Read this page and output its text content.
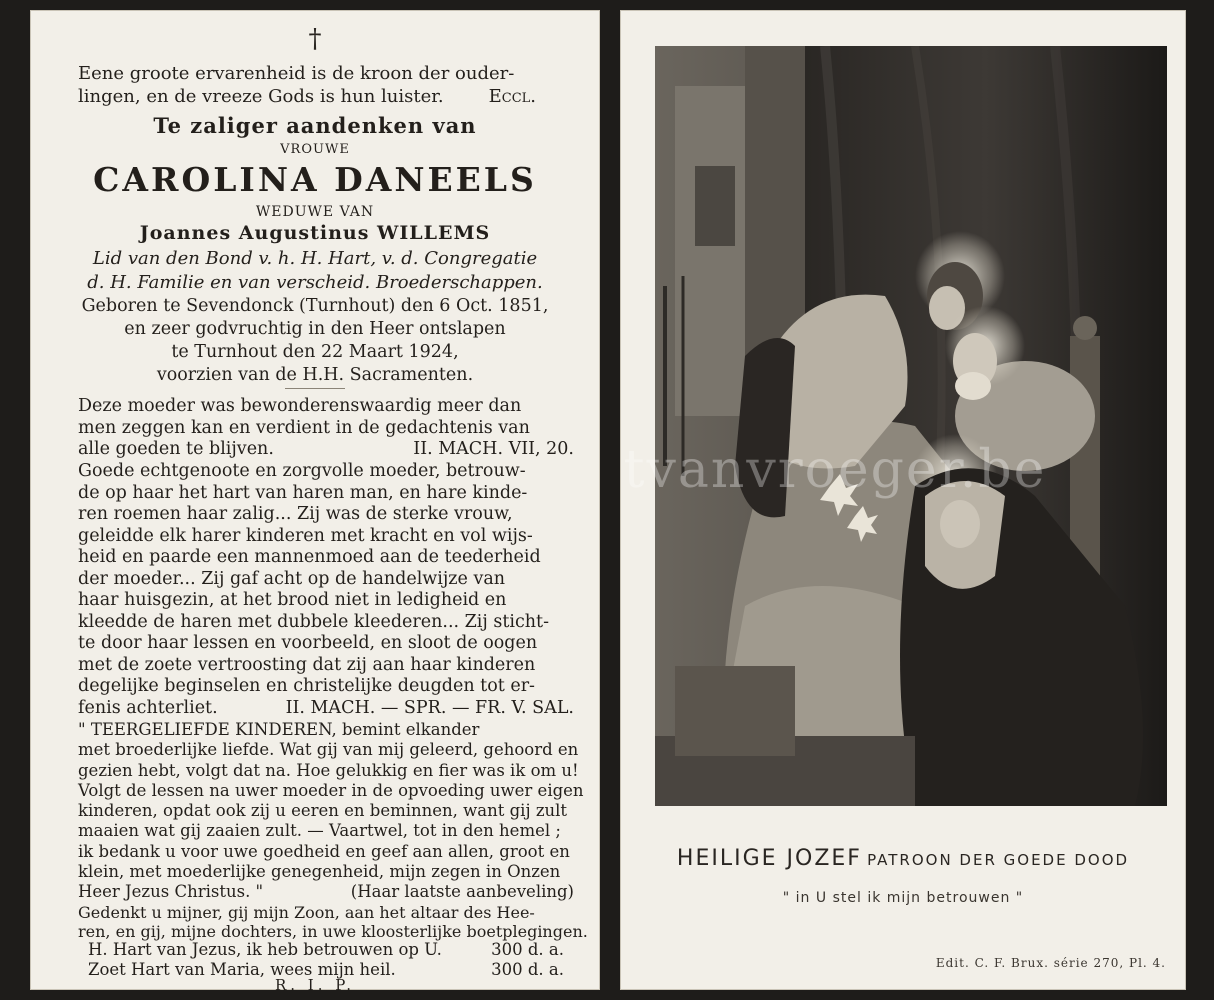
†
Eene groote ervarenheid is de kroon der ouder-
lingen, en de vreeze Gods is hun luister.	Eccl.
Te zaliger aandenken van
VROUWE
CAROLINA DANEELS
WEDUWE VAN
Joannes Augustinus WILLEMS
Lid van den Bond v. h. H. Hart, v. d. Congregatie
d. H. Familie en van verscheid. Broederschappen.
Geboren te Sevendonck (Turnhout) den 6 Oct. 1851,
en zeer godvruchtig in den Heer ontslapen
te Turnhout den 22 Maart 1924,
voorzien van de H.H. Sacramenten.
Deze moeder was bewonderenswaardig meer dan
men zeggen kan en verdient in de gedachtenis van
alle goeden te blijven.	II. MACH. VII, 20.
Goede echtgenoote en zorgvolle moeder, betrouw-
de op haar het hart van haren man, en hare kinde-
ren roemen haar zalig... Zij was de sterke vrouw,
geleidde elk harer kinderen met kracht en vol wijs-
heid en paarde een mannenmoed aan de teederheid
der moeder... Zij gaf acht op de handelwijze van
haar huisgezin, at het brood niet in ledigheid en
kleedde de haren met dubbele kleederen... Zij sticht-
te door haar lessen en voorbeeld, en sloot de oogen
met de zoete vertroosting dat zij aan haar kinderen
degelijke beginselen en christelijke deugden tot er-
fenis achterliet.	II. MACH. — SPR. — FR. V. SAL.
" TEERGELIEFDE KINDEREN, bemint elkander
met broederlijke liefde. Wat gij van mij geleerd, gehoord en
gezien hebt, volgt dat na. Hoe gelukkig en fier was ik om u!
Volgt de lessen na uwer moeder in de opvoeding uwer eigen
kinderen, opdat ook zij u eeren en beminnen, want gij zult
maaien wat gij zaaien zult. — Vaartwel, tot in den hemel ;
ik bedank u voor uwe goedheid en geef aan allen, groot en
klein, met moederlijke genegenheid, mijn zegen in Onzen
Heer Jezus Christus. "	(Haar laatste aanbeveling)
Gedenkt u mijner, gij mijn Zoon, aan het altaar des Hee-
ren, en gij, mijne dochters, in uwe kloosterlijke boetplegingen.
H. Hart van Jezus, ik heb betrouwen op U.	300 d. a.
Zoet Hart van Maria, wees mijn heil.	300 d. a.
R. I. P.
HEILIGE JOZEF PATROON DER GOEDE DOOD
" in U stel ik mijn betrouwen "
Edit. C. F. Brux. série 270, Pl. 4.
tvanvroeger.be
